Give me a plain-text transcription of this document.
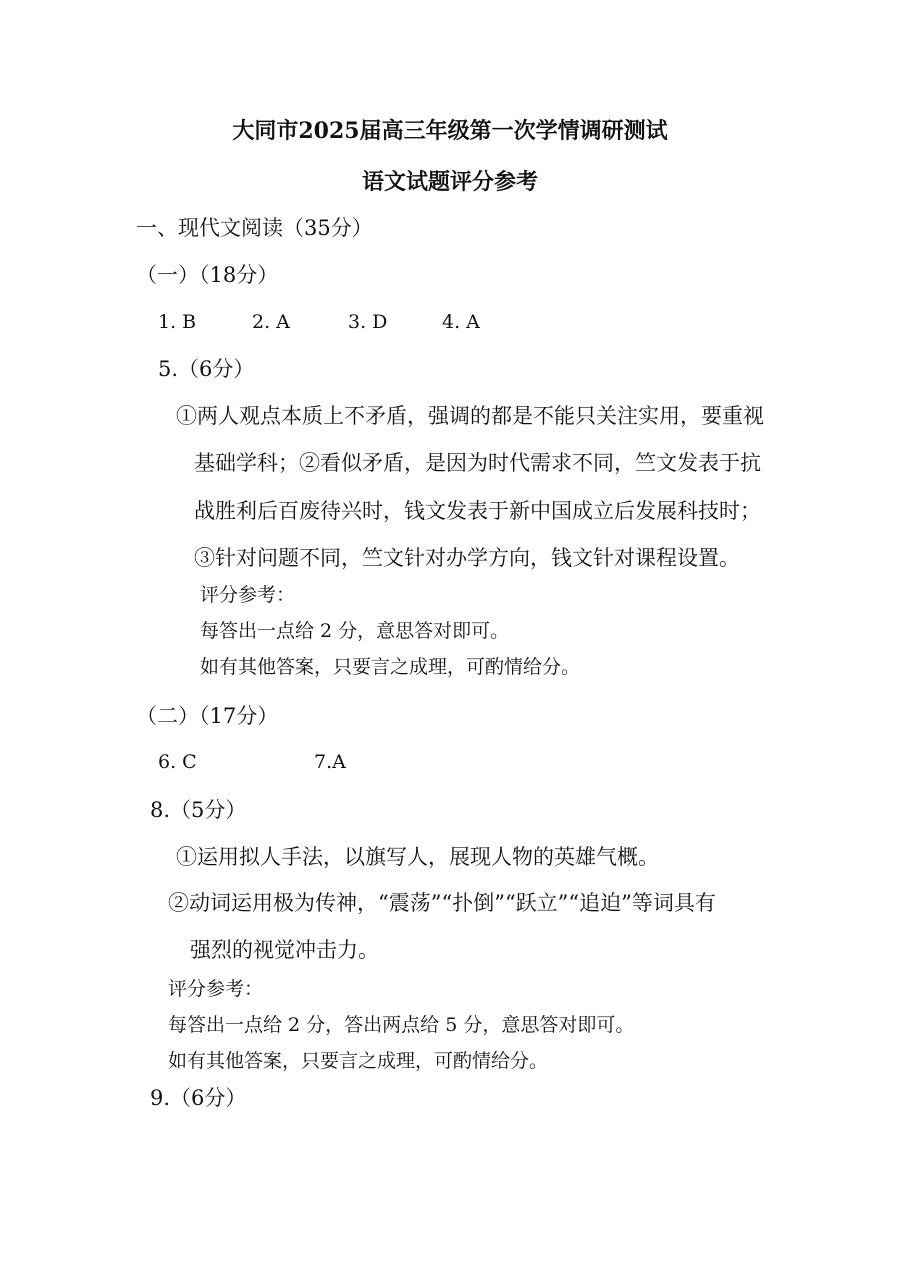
大同市2025届高三年级第一次学情调研测试
语文试题评分参考
一、现代文阅读（35分）
（一）（18分）
1. B	2. A	3. D	4. A
5.（6分）
①两人观点本质上不矛盾，强调的都是不能只关注实用，要重视
基础学科；②看似矛盾，是因为时代需求不同，竺文发表于抗
战胜利后百废待兴时，钱文发表于新中国成立后发展科技时；
③针对问题不同，竺文针对办学方向，钱文针对课程设置。
评分参考：
每答出一点给 2 分，意思答对即可。
如有其他答案，只要言之成理，可酌情给分。
（二）（17分）
6. C	7.A
8.（5分）
①运用拟人手法，以旗写人，展现人物的英雄气概。
②动词运用极为传神，“震荡”“扑倒”“跃立”“追迫”等词具有
强烈的视觉冲击力。
评分参考：
每答出一点给 2 分，答出两点给 5 分，意思答对即可。
如有其他答案，只要言之成理，可酌情给分。
9.（6分）
